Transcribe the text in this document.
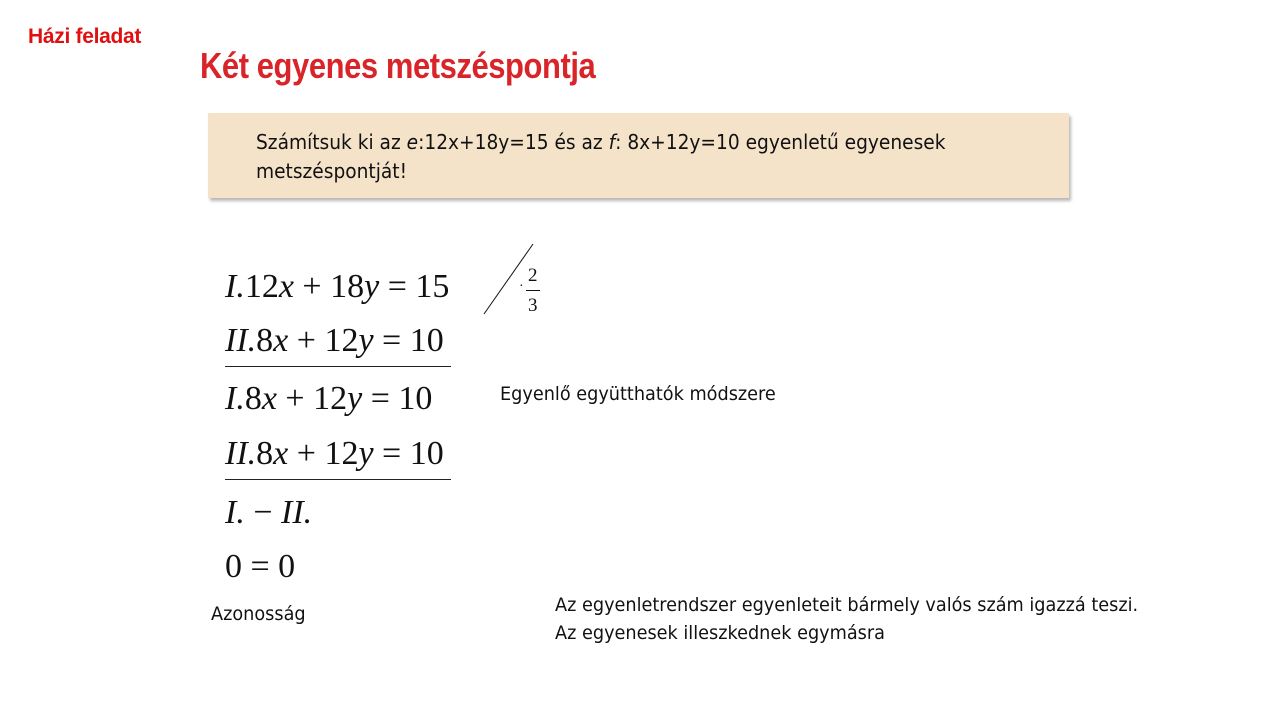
Házi feladat
Két egyenes metszéspontja
Számítsuk ki az e:12x+18y=15 és az f: 8x+12y=10 egyenletű egyenesek metszéspontját!
I.12x + 18y = 15	·
2
3
II.8x + 12y = 10
I.8x + 12y = 10	Egyenlő együtthatók módszere
II.8x + 12y = 10
I. − II.
0 = 0
Azonosság	Az egyenletrendszer egyenleteit bármely valós szám igazzá teszi.
Az egyenesek illeszkednek egymásra
